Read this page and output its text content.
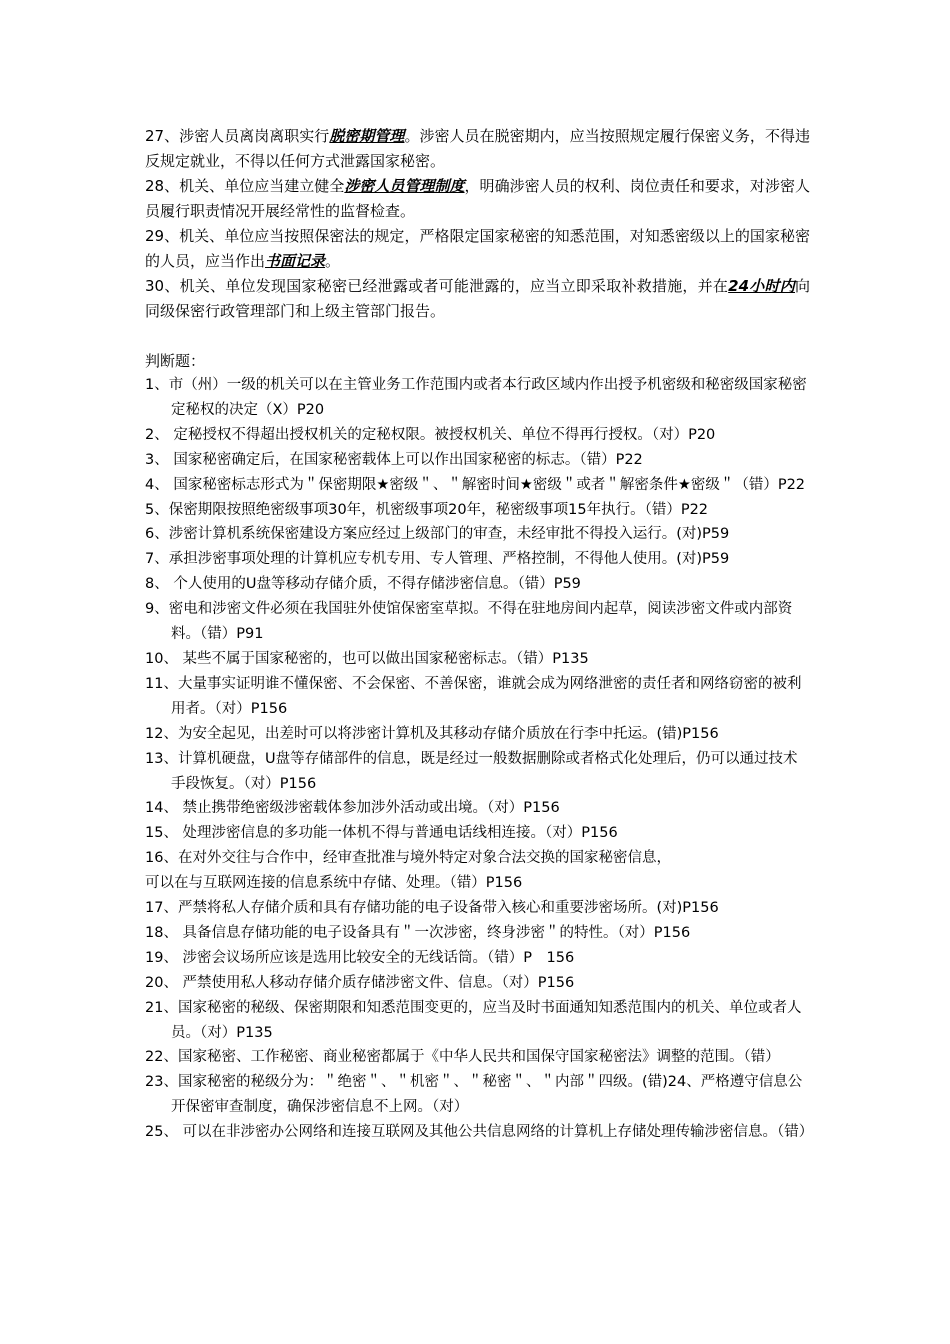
27、涉密人员离岗离职实行脱密期管理。涉密人员在脱密期内，应当按照规定履行保密义务，不得违反规定就业，不得以任何方式泄露国家秘密。

28、机关、单位应当建立健全涉密人员管理制度，明确涉密人员的权利、岗位责任和要求，对涉密人员履行职责情况开展经常性的监督检查。

29、机关、单位应当按照保密法的规定，严格限定国家秘密的知悉范围，对知悉密级以上的国家秘密的人员，应当作出书面记录。

30、机关、单位发现国家秘密已经泄露或者可能泄露的，应当立即采取补救措施，并在24小时内向同级保密行政管理部门和上级主管部门报告。

判断题：

1、市（州）一级的机关可以在主管业务工作范围内或者本行政区域内作出授予机密级和秘密级国家秘密定秘权的决定（X）P20

2、 定秘授权不得超出授权机关的定秘权限。被授权机关、单位不得再行授权。（对）P20

3、 国家秘密确定后，在国家秘密载体上可以作出国家秘密的标志。（错）P22

4、 国家秘密标志形式为＂保密期限★密级＂、＂解密时间★密级＂或者＂解密条件★密级＂（错）P22

5、保密期限按照绝密级事项30年，机密级事项20年，秘密级事项15年执行。（错）P22

6、涉密计算机系统保密建设方案应经过上级部门的审查，未经审批不得投入运行。(对)P59

7、承担涉密事项处理的计算机应专机专用、专人管理、严格控制，不得他人使用。(对)P59

8、 个人使用的U盘等移动存储介质，不得存储涉密信息。（错）P59

9、密电和涉密文件必须在我国驻外使馆保密室草拟。不得在驻地房间内起草，阅读涉密文件或内部资料。（错）P91

10、 某些不属于国家秘密的，也可以做出国家秘密标志。（错）P135

11、大量事实证明谁不懂保密、不会保密、不善保密，谁就会成为网络泄密的责任者和网络窃密的被利用者。（对）P156

12、为安全起见，出差时可以将涉密计算机及其移动存储介质放在行李中托运。(错)P156

13、计算机硬盘，U盘等存储部件的信息，既是经过一般数据删除或者格式化处理后，仍可以通过技术手段恢复。（对）P156

14、 禁止携带绝密级涉密载体参加涉外活动或出境。（对）P156

15、 处理涉密信息的多功能一体机不得与普通电话线相连接。（对）P156

16、在对外交往与合作中，经审查批准与境外特定对象合法交换的国家秘密信息，

可以在与互联网连接的信息系统中存储、处理。（错）P156

17、严禁将私人存储介质和具有存储功能的电子设备带入核心和重要涉密场所。(对)P156

18、 具备信息存储功能的电子设备具有＂一次涉密，终身涉密＂的特性。（对）P156

19、 涉密会议场所应该是选用比较安全的无线话筒。（错）P　156

20、 严禁使用私人移动存储介质存储涉密文件、信息。（对）P156

21、国家秘密的秘级、保密期限和知悉范围变更的，应当及时书面通知知悉范围内的机关、单位或者人员。（对）P135

22、国家秘密、工作秘密、商业秘密都属于《中华人民共和国保守国家秘密法》调整的范围。（错）

23、国家秘密的秘级分为：＂绝密＂、＂机密＂、＂秘密＂、＂内部＂四级。(错)24、严格遵守信息公开保密审查制度，确保涉密信息不上网。（对）

25、 可以在非涉密办公网络和连接互联网及其他公共信息网络的计算机上存储处理传输涉密信息。（错）
